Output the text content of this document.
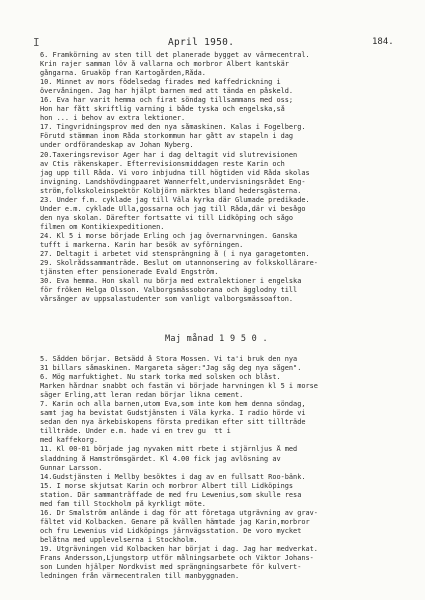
I	April 1950.	184.
6. Framkörning av sten till det planerade bygget av värmecentral.
Krin rajer samman löv å vallarna och morbror Albert kantskär
gångarna. Gruaköp fran Kartogården,Råda.
10. Minnet av mors födelsedag firades med kaffedrickning i
övervåningen. Jag har hjälpt barnen med att tända en påskeld.
16. Eva har varit hemma och firat söndag tillsammans med oss;
Hon har fått skriftlig varning i både tyska och engelska,så
hon ... i behov av extra lektioner.
17. Tingvridningsprov med den nya såmaskinen. Kalas i Fogelberg.
Förutd stämman inom Råda storkommun har gått av stapeln i dag
under ordförandeskap av Johan Nyberg.
20.Taxeringsrevisor Ager har i dag deltagit vid slutrevisionen
av Ctis räkenskaper. Efterrevisionsmiddagen reste Karin och
jag upp till Råda. Vi voro inbjudna till högtiden vid Råda skolas
invigning. Landshövdingpaaret Wannerfelt,undervisningsrådet Eng-
ström,folkskoleinspektör Kolbjörn märktes bland hedersgästerna.
23. Under f.m. cyklade jag till Väla kyrka där Glumade predikade.
Under e.m. cyklade Ulla,gossarna och jag till Råda,där vi besågo
den nya skolan. Därefter fortsatte vi till Lidköping och sågo
filmen om Kontikiexpeditionen.
24. Kl 5 i morse började Erling och jag övernarvningen. Ganska
tufft i markerna. Karin har besök av syförningen.
27. Deltagit i arbetet vid stensprängning å ( i nya garagetomten.
29. Skolrådssammanträde. Beslut om utannonsering av folkskollärare-
tjänsten efter pensionerade Evald Engström.
30. Eva hemma. Hon skall nu börja med extralektioner i engelska
för fröken Helga Olsson. Valborgsmässoborana och ägglodny till
vårsånger av uppsalastudenter som vanligt valborgsmässoafton.
Maj månad 1 9 5 0 .
5. Sådden börjar. Betsädd å Stora Mossen. Vi ta'i bruk den nya
31 billars såmaskinen. Margareta säger:"Jag såg deg nya sågen".
6. Mög marfuktighet. Nu stark torka med solsken och blåst.
Marken hårdnar snabbt och fastän vi började harvningen kl 5 i morse
säger Erling,att leran redan börjar likna cement.
7. Karin och alla barnen,utom Eva,som inte kom hem denna söndag,
samt jag ha bevistat Gudstjänsten i Väla kyrka. I radio hörde vi
sedan den nya ärkebiskopens första predikan efter sitt tillträde
tillträde. Under e.m. hade vi en trev gu  tt i
med kaffekorg.
11. Kl 00-01 började jag nyvaken mitt rbete i stjärnljus Å med
sladdning å Hamströmsgärdet. Kl 4.00 fick jag avlösning av
Gunnar Larsson.
14.Gudstjänsten i Mellby besöktes i dag av en fullsatt Roo-bänk.
15. I morse skjutsat Karin och morbror Albert till Lidköpings
station. Där sammanträffade de med fru Lewenius,som skulle resa
med fam till Stockholm på kyrkligt möte.
16. Dr Smalström anlände i dag för att företaga utgrävning av grav-
fältet vid Kolbacken. Genare på kvällen hämtade jag Karin,morbror
och fru Lewenius vid Lidköpings järnvägsstation. De voro mycket
belåtna med upplevelserna i Stockholm.
19. Utgrävningen vid Kolbacken har börjat i dag. Jag har medverkat.
Frans Andersson,Ljungstorp utför målningsarbete och Viktor Johans-
son Lunden hjälper Nordkvist med sprängningsarbete för kulvert-
ledningen från värmecentralen till manbyggnaden.
